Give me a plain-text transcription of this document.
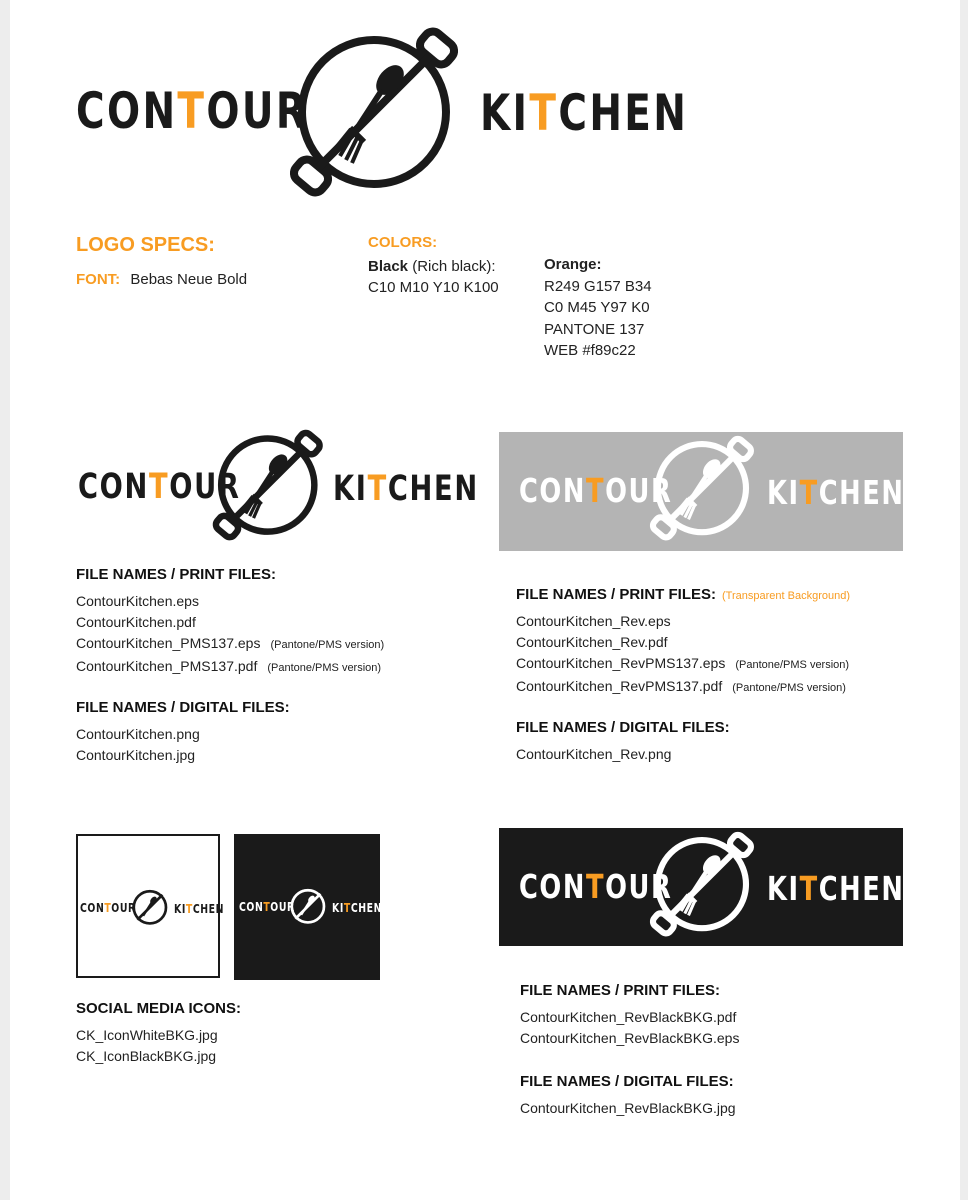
CONTOUR	KITCHEN
LOGO SPECS:
FONT: Bebas Neue Bold
COLORS:
Black (Rich black):
C10 M10 Y10 K100
Orange:
R249 G157 B34
C0 M45 Y97 K0
PANTONE 137
WEB #f89c22
CONTOUR	KITCHEN
FILE NAMES / PRINT FILES:
ContourKitchen.eps
ContourKitchen.pdf
ContourKitchen_PMS137.eps (Pantone/PMS version)
ContourKitchen_PMS137.pdf (Pantone/PMS version)
FILE NAMES / DIGITAL FILES:
ContourKitchen.png
ContourKitchen.jpg
CONTOUR	KITCHEN
FILE NAMES / PRINT FILES: (Transparent Background)
ContourKitchen_Rev.eps
ContourKitchen_Rev.pdf
ContourKitchen_RevPMS137.eps (Pantone/PMS version)
ContourKitchen_RevPMS137.pdf (Pantone/PMS version)
FILE NAMES / DIGITAL FILES:
ContourKitchen_Rev.png
CONTOUR	KITCHEN CONTOUR	KITCHEN
SOCIAL MEDIA ICONS:
CK_IconWhiteBKG.jpg
CK_IconBlackBKG.jpg
CONTOUR	KITCHEN
FILE NAMES / PRINT FILES:
ContourKitchen_RevBlackBKG.pdf
ContourKitchen_RevBlackBKG.eps
FILE NAMES / DIGITAL FILES:
ContourKitchen_RevBlackBKG.jpg
